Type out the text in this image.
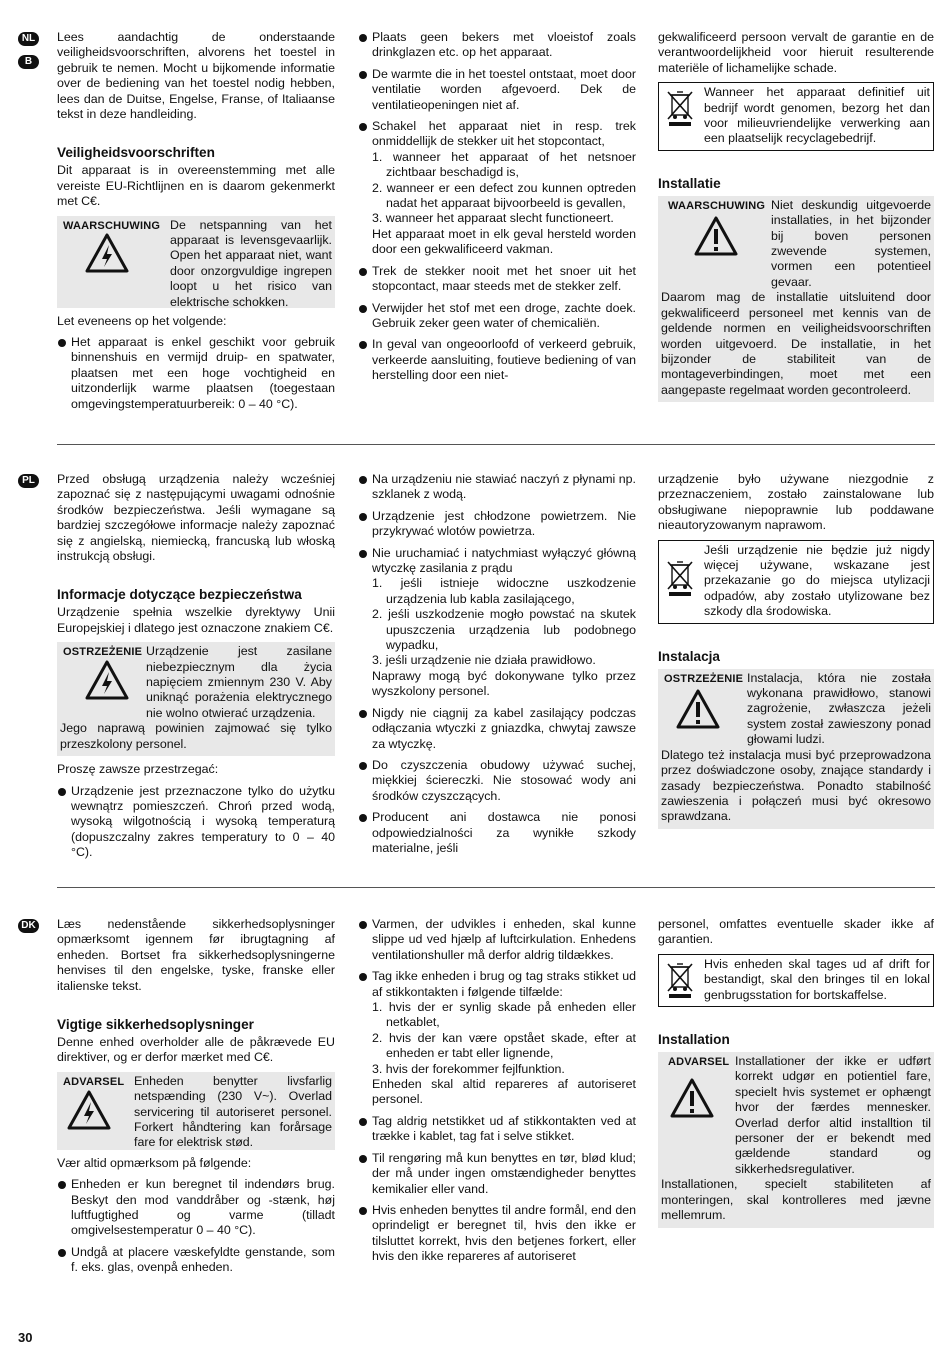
NL
B

Lees aandachtig de onderstaande veiligheidsvoorschriften, alvorens het toestel in gebruik te nemen. Mocht u bijkomende informatie over de bediening van het toestel nodig hebben, lees dan de Duitse, Engelse, Franse, of Italiaanse tekst in deze handleiding.

Veiligheidsvoorschriften

Dit apparaat is in overeenstemming met alle vereiste EU-Richtlijnen en is daarom gekenmerkt met C€.

WAARSCHUWING De netspanning van het apparaat is levensgevaarlijk. Open het apparaat niet, want door onzorgvuldige ingrepen loopt u het risico van elektrische schokken.

Let eveneens op het volgende:

Het apparaat is enkel geschikt voor gebruik binnenshuis en vermijd druip- en spatwater, plaatsen met een hoge vochtigheid en uitzonderlijk warme plaatsen (toegestaan omgevingstemperatuurbereik: 0 – 40 °C).
Plaats geen bekers met vloeistof zoals drinkglazen etc. op het apparaat.
De warmte die in het toestel ontstaat, moet door ventilatie worden afgevoerd. Dek de ventilatieopeningen niet af.
Schakel het apparaat niet in resp. trek onmiddellijk de stekker uit het stopcontact,
1. wanneer het apparaat of het netsnoer zichtbaar beschadigd is,
2. wanneer er een defect zou kunnen optreden nadat het apparaat bijvoorbeeld is gevallen,
3. wanneer het apparaat slecht functioneert.
Het apparaat moet in elk geval hersteld worden door een gekwalificeerd vakman.
Trek de stekker nooit met het snoer uit het stopcontact, maar steeds met de stekker zelf.
Verwijder het stof met een droge, zachte doek. Gebruik zeker geen water of chemicaliën.
In geval van ongeoorloofd of verkeerd gebruik, verkeerde aansluiting, foutieve bediening of van herstelling door een niet-

gekwalificeerd persoon vervalt de garantie en de verantwoordelijkheid voor hieruit resulterende materiële of lichamelijke schade.

Wanneer het apparaat definitief uit bedrijf wordt genomen, bezorg het dan voor milieuvriendelijke verwerking aan een plaatselijk recyclagebedrijf.
Installatie
WAARSCHUWING Niet deskundig uitgevoerde installaties, in het bijzonder bij boven personen zwevende systemen, vormen een potentieel gevaar.
Daarom mag de installatie uitsluitend door gekwalificeerd personeel met kennis van de geldende normen en veiligheidsvoorschriften worden uitgevoerd. De installatie, in het bijzonder de stabiliteit van de montageverbindingen, moet met een aangepaste regelmaat worden gecontroleerd.
PL	Przed obsługą urządzenia należy wcześniej zapoznać się z następującymi uwagami odnośnie środków bezpieczeństwa. Jeśli wymagane są bardziej szczegółowe informacje należy zapoznać się z angielską, niemiecką, francuską lub włoską instrukcją obsługi.

Informacje dotyczące bezpieczeństwa

Urządzenie spełnia wszelkie dyrektywy Unii Europejskiej i dlatego jest oznaczone znakiem C€.

OSTRZEŻENIE Urządzenie jest zasilane niebezpiecznym dla życia napięciem zmiennym 230 V. Aby uniknąć porażenia elektrycznego nie wolno otwierać urządzenia.
Jego naprawą powinien zajmować się tylko przeszkolony personel.

Proszę zawsze przestrzegać:

Urządzenie jest przeznaczone tylko do użytku wewnątrz pomieszczeń. Chroń przed wodą, wysoką wilgotnością i wysoką temperaturą (dopuszczalny zakres temperatury to 0 – 40 °C).
Na urządzeniu nie stawiać naczyń z płynami np. szklanek z wodą.
Urządzenie jest chłodzone powietrzem. Nie przykrywać wlotów powietrza.
Nie uruchamiać i natychmiast wyłączyć główną wtyczkę zasilania z prądu
1. jeśli istnieje widoczne uszkodzenie urządzenia lub kabla zasilającego,
2. jeśli uszkodzenie mogło powstać na skutek upuszczenia urządzenia lub podobnego wypadku,
3. jeśli urządzenie nie działa prawidłowo.
Naprawy mogą być dokonywane tylko przez wyszkolony personel.
Nigdy nie ciągnij za kabel zasilający podczas odłączania wtyczki z gniazdka, chwytaj zawsze za wtyczkę.
Do czyszczenia obudowy używać suchej, miękkiej ściereczki. Nie stosować wody ani środków czyszczących.
Producent ani dostawca nie ponosi odpowiedzialności za wynikłe szkody materialne, jeśli

urządzenie było używane niezgodnie z przeznaczeniem, zostało zainstalowane lub obsługiwane niepoprawnie lub poddawane nieautoryzowanym naprawom.

Jeśli urządzenie nie będzie już nigdy więcej używane, wskazane jest przekazanie go do miejsca utylizacji odpadów, aby zostało utylizowane bez szkody dla środowiska.
Instalacja
OSTRZEŻENIE Instalacja, która nie została wykonana prawidłowo, stanowi zagrożenie, zwłaszcza jeżeli system został zawieszony ponad głowami ludzi.
Dlatego też instalacja musi być przeprowadzona przez doświadczone osoby, znające standardy i zasady bezpieczeństwa. Ponadto stabilność zawieszenia i połączeń musi być okresowo sprawdzana.
DK Læs nedenstående sikkerhedsoplysninger opmærksomt igennem før ibrugtagning af enheden. Bortset fra sikkerhedsoplysningerne henvises til den engelske, tyske, franske eller italienske tekst.

Vigtige sikkerhedsoplysninger

Denne enhed overholder alle de påkrævede EU direktiver, og er derfor mærket med C€.

ADVARSEL Enheden benytter livsfarlig netspænding (230 V~). Overlad servicering til autoriseret personel. Forkert håndtering kan forårsage fare for elektrisk stød.

Vær altid opmærksom på følgende:

Enheden er kun beregnet til indendørs brug. Beskyt den mod vanddråber og -stænk, høj luftfugtighed og varme (tilladt omgivelsestemperatur 0 – 40 °C).
Undgå at placere væskefyldte genstande, som f. eks. glas, ovenpå enheden.
Varmen, der udvikles i enheden, skal kunne slippe ud ved hjælp af luftcirkulation. Enhedens ventilationshuller må derfor aldrig tildækkes.
Tag ikke enheden i brug og tag straks stikket ud af stikkontakten i følgende tilfælde:
1. hvis der er synlig skade på enheden eller netkablet,
2. hvis der kan være opstået skade, efter at enheden er tabt eller lignende,
3. hvis der forekommer fejlfunktion.
Enheden skal altid repareres af autoriseret personel.
Tag aldrig netstikket ud af stikkontakten ved at trække i kablet, tag fat i selve stikket.
Til rengøring må kun benyttes en tør, blød klud; der må under ingen omstændigheder benyttes kemikalier eller vand.
Hvis enheden benyttes til andre formål, end den oprindeligt er beregnet til, hvis den ikke er tilsluttet korrekt, hvis den betjenes forkert, eller hvis den ikke repareres af autoriseret

personel, omfattes eventuelle skader ikke af garantien.

Hvis enheden skal tages ud af drift for bestandigt, skal den bringes til en lokal genbrugsstation for bortskaffelse.
Installation
ADVARSEL Installationer der ikke er udført korrekt udgør en potientiel fare, specielt hvis systemet er ophængt hvor der færdes mennesker. Overlad derfor altid installtion til personer der er bekendt med gældende standard og sikkerhedsregulativer.
Installationen, specielt stabiliteten af monteringen, skal kontrolleres med jævne mellemrum.
30
